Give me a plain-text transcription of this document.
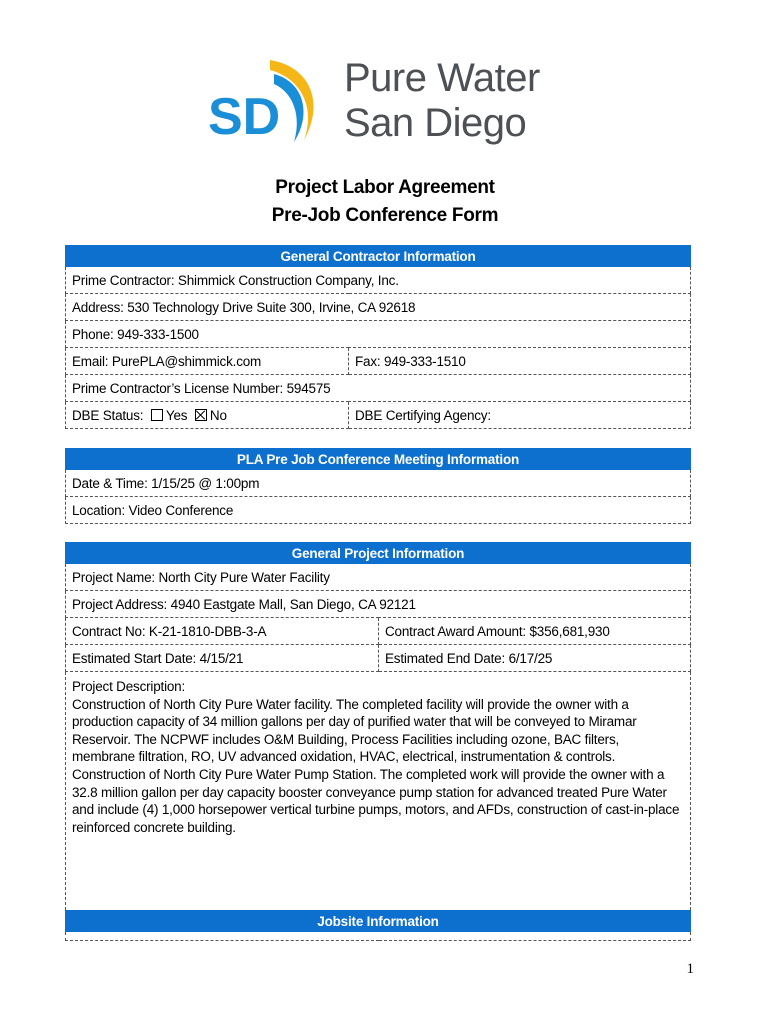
SD
Pure Water
San Diego
Project Labor Agreement
Pre-Job Conference Form
General Contractor Information	
Prime Contractor: Shimmick Construction Company, Inc.	
Address: 530 Technology Drive Suite 300, Irvine, CA 92618	
Phone: 949-333-1500	
Email: PurePLA@shimmick.com	Fax: 949-333-1510
Prime Contractor’s License Number: 594575	
DBE Status: Yes No	DBE Certifying Agency:
PLA Pre Job Conference Meeting Information
Date & Time: 1/15/25 @ 1:00pm
Location: Video Conference
General Project Information	
Project Name: North City Pure Water Facility	
Project Address: 4940 Eastgate Mall, San Diego, CA 92121	
Contract No: K-21-1810-DBB-3-A	Contract Award Amount: $356,681,930
Estimated Start Date: 4/15/21	Estimated End Date: 6/17/25

Project Description:

Construction of North City Pure Water facility. The completed facility will provide the owner with a production capacity of 34 million gallons per day of purified water that will be conveyed to Miramar Reservoir. The NCPWF includes O&M Building, Process Facilities including ozone, BAC filters, membrane filtration, RO, UV advanced oxidation, HVAC, electrical, instrumentation & controls.

Construction of North City Pure Water Pump Station. The completed work will provide the owner with a 32.8 million gallon per day capacity booster conveyance pump station for advanced treated Pure Water and include (4) 1,000 horsepower vertical turbine pumps, motors, and AFDs, construction of cast-in-place reinforced concrete building.	

Jobsite Information	

1
